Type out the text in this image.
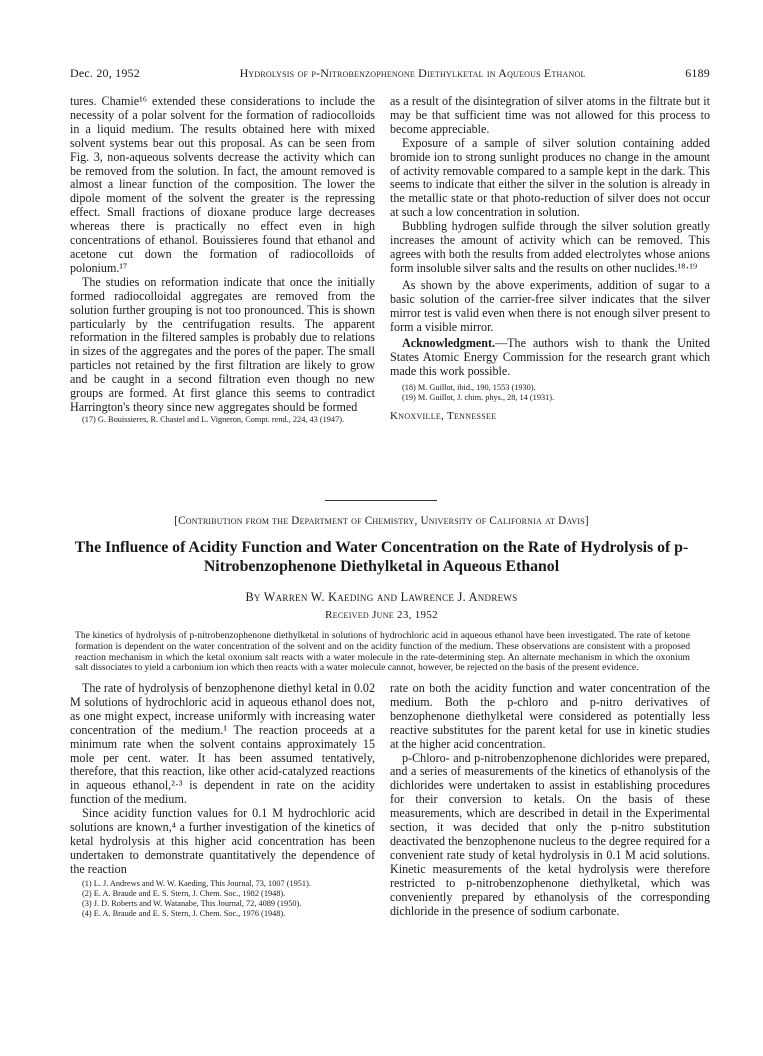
Dec. 20, 1952	Hydrolysis of p-Nitrobenzophenone Diethylketal in Aqueous Ethanol	6189

tures. Chamie¹⁶ extended these considerations to include the necessity of a polar solvent for the formation of radiocolloids in a liquid medium. The results obtained here with mixed solvent systems bear out this proposal. As can be seen from Fig. 3, non-aqueous solvents decrease the activity which can be removed from the solution. In fact, the amount removed is almost a linear function of the composition. The lower the dipole moment of the solvent the greater is the repressing effect. Small fractions of dioxane produce large decreases whereas there is practically no effect even in high concentrations of ethanol. Bouissieres found that ethanol and acetone cut down the formation of radiocolloids of polonium.¹⁷

The studies on reformation indicate that once the initially formed radiocolloidal aggregates are removed from the solution further grouping is not too pronounced. This is shown particularly by the centrifugation results. The apparent reformation in the filtered samples is probably due to relations in sizes of the aggregates and the pores of the paper. The small particles not retained by the first filtration are likely to grow and be caught in a second filtration even though no new groups are formed. At first glance this seems to contradict Harrington's theory since new aggregates should be formed

(17) G. Bouissieres, R. Chastel and L. Vigneron, Compt. rend., 224, 43 (1947).

as a result of the disintegration of silver atoms in the filtrate but it may be that sufficient time was not allowed for this process to become appreciable.

Exposure of a sample of silver solution containing added bromide ion to strong sunlight produces no change in the amount of activity removable compared to a sample kept in the dark. This seems to indicate that either the silver in the solution is already in the metallic state or that photo-reduction of silver does not occur at such a low concentration in solution.

Bubbling hydrogen sulfide through the silver solution greatly increases the amount of activity which can be removed. This agrees with both the results from added electrolytes whose anions form insoluble silver salts and the results on other nuclides.¹⁸·¹⁹

As shown by the above experiments, addition of sugar to a basic solution of the carrier-free silver indicates that the silver mirror test is valid even when there is not enough silver present to form a visible mirror.

Acknowledgment.—The authors wish to thank the United States Atomic Energy Commission for the research grant which made this work possible.

(18) M. Guillot, ibid., 190, 1553 (1930).

(19) M. Guillot, J. chim. phys., 28, 14 (1931).

Knoxville, Tennessee
[Contribution from the Department of Chemistry, University of California at Davis]
The Influence of Acidity Function and Water Concentration on the Rate of Hydrolysis of p-Nitrobenzophenone Diethylketal in Aqueous Ethanol
By Warren W. Kaeding and Lawrence J. Andrews
Received June 23, 1952
The kinetics of hydrolysis of p-nitrobenzophenone diethylketal in solutions of hydrochloric acid in aqueous ethanol have been investigated. The rate of ketone formation is dependent on the water concentration of the solvent and on the acidity function of the medium. These observations are consistent with a proposed reaction mechanism in which the ketal oxonium salt reacts with a water molecule in the rate-determining step. An alternate mechanism in which the oxonium salt dissociates to yield a carbonium ion which then reacts with a water molecule cannot, however, be rejected on the basis of the present evidence.

The rate of hydrolysis of benzophenone diethyl ketal in 0.02 M solutions of hydrochloric acid in aqueous ethanol does not, as one might expect, increase uniformly with increasing water concentration of the medium.¹ The reaction proceeds at a minimum rate when the solvent contains approximately 15 mole per cent. water. It has been assumed tentatively, therefore, that this reaction, like other acid-catalyzed reactions in aqueous ethanol,²·³ is dependent in rate on the acidity function of the medium.

Since acidity function values for 0.1 M hydrochloric acid solutions are known,⁴ a further investigation of the kinetics of ketal hydrolysis at this higher acid concentration has been undertaken to demonstrate quantitatively the dependence of the reaction

(1) L. J. Andrews and W. W. Kaeding, This Journal, 73, 1007 (1951).

(2) E. A. Braude and E. S. Stern, J. Chem. Soc., 1982 (1948).

(3) J. D. Roberts and W. Watanabe, This Journal, 72, 4089 (1950).

(4) E. A. Braude and E. S. Stern, J. Chem. Soc., 1976 (1948).

rate on both the acidity function and water concentration of the medium. Both the p-chloro and p-nitro derivatives of benzophenone diethylketal were considered as potentially less reactive substitutes for the parent ketal for use in kinetic studies at the higher acid concentration.

p-Chloro- and p-nitrobenzophenone dichlorides were prepared, and a series of measurements of the kinetics of ethanolysis of the dichlorides were undertaken to assist in establishing procedures for their conversion to ketals. On the basis of these measurements, which are described in detail in the Experimental section, it was decided that only the p-nitro substitution deactivated the benzophenone nucleus to the degree required for a convenient rate study of ketal hydrolysis in 0.1 M acid solutions. Kinetic measurements of the ketal hydrolysis were therefore restricted to p-nitrobenzophenone diethylketal, which was conveniently prepared by ethanolysis of the corresponding dichloride in the presence of sodium carbonate.
